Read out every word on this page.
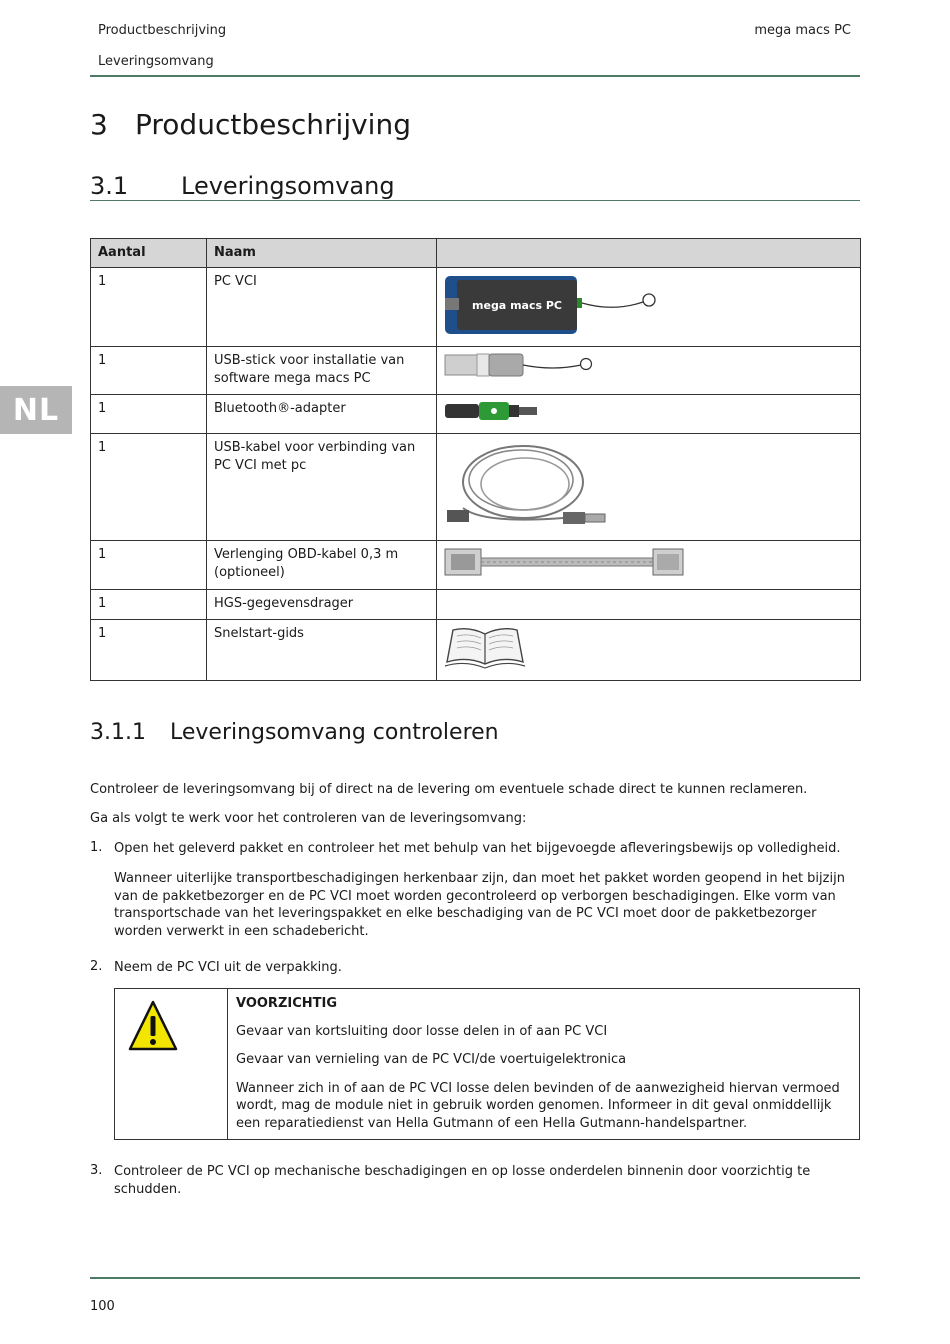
Productbeschrijving
Leveringsomvang
mega macs PC
NL
3 Productbeschrijving
3.1 Leveringsomvang
Aantal	Naam	
1	PC VCI	mega macs PC

1	USB-stick voor installatie van software mega macs PC	
1	Bluetooth®-adapter	
1	USB-kabel voor verbinding van PC VCI met pc	
1	Verlenging OBD-kabel 0,3 m (optioneel)	
1	HGS-gegevensdrager	
1	Snelstart-gids	
3.1.1 Leveringsomvang controleren
Controleer de leveringsomvang bij of direct na de levering om eventuele schade direct te kunnen reclameren.
Ga als volgt te werk voor het controleren van de leveringsomvang:
1. Open het geleverd pakket en controleer het met behulp van het bijgevoegde afleveringsbewijs op volledigheid.
Wanneer uiterlijke transportbeschadigingen herkenbaar zijn, dan moet het pakket worden geopend in het bijzijn van de pakketbezorger en de PC VCI moet worden gecontroleerd op verborgen beschadigingen. Elke vorm van transportschade van het leveringspakket en elke beschadiging van de PC VCI moet door de pakketbezorger worden verwerkt in een schadebericht.
2. Neem de PC VCI uit de verpakking.

VOORZICHTIG

Gevaar van kortsluiting door losse delen in of aan PC VCI

Gevaar van vernieling van de PC VCI/de voertuigelektronica

Wanneer zich in of aan de PC VCI losse delen bevinden of de aanwezigheid hiervan vermoed wordt, mag de module niet in gebruik worden genomen. Informeer in dit geval onmiddellijk een reparatiedienst van Hella Gutmann of een Hella Gutmann-handelspartner.

3. Controleer de PC VCI op mechanische beschadigingen en op losse onderdelen binnenin door voorzichtig te schudden.
100
